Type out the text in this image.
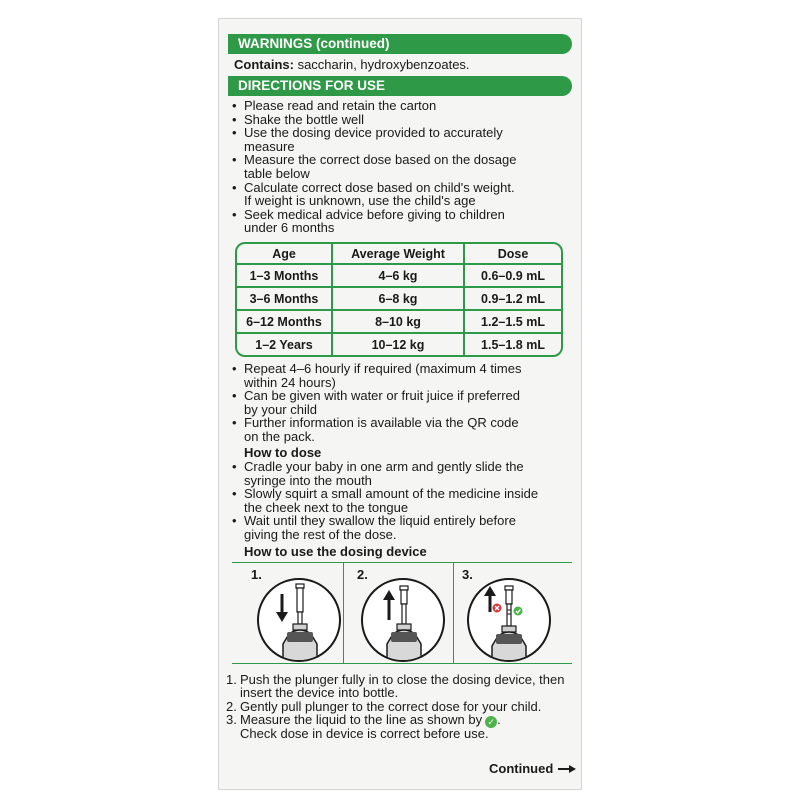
WARNINGS (continued)
Contains: saccharin, hydroxybenzoates.
DIRECTIONS FOR USE
• Please read and retain the carton
• Shake the bottle well
• Use the dosing device provided to accurately
measure
• Measure the correct dose based on the dosage
table below
• Calculate correct dose based on child's weight.
If weight is unknown, use the child's age
• Seek medical advice before giving to children
under 6 months
Age	Average Weight	Dose
1–3 Months	4–6 kg	0.6–0.9 mL
3–6 Months	6–8 kg	0.9–1.2 mL
6–12 Months	8–10 kg	1.2–1.5 mL
1–2 Years	10–12 kg	1.5–1.8 mL
• Repeat 4–6 hourly if required (maximum 4 times
within 24 hours)
• Can be given with water or fruit juice if preferred
by your child
• Further information is available via the QR code
on the pack.
How to dose
• Cradle your baby in one arm and gently slide the
syringe into the mouth
• Slowly squirt a small amount of the medicine inside
the cheek next to the tongue
• Wait until they swallow the liquid entirely before
giving the rest of the dose.
How to use the dosing device
1.	2.	3.
1. Push the plunger fully in to close the dosing device, then
insert the device into bottle.
2. Gently pull plunger to the correct dose for your child.
3. Measure the liquid to the line as shown by ✓ .
Check dose in device is correct before use.
Continued
